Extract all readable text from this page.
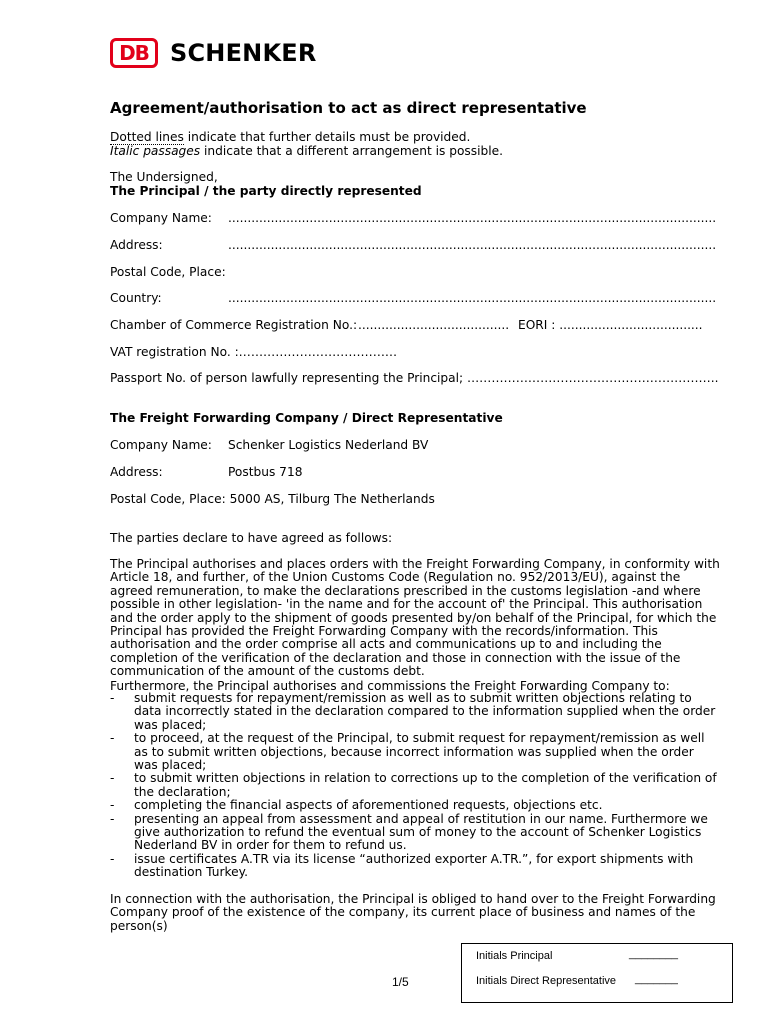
DB SCHENKER
Agreement/authorisation to act as direct representative
Dotted lines indicate that further details must be provided.
Italic passages indicate that a different arrangement is possible.
The Undersigned,
The Principal / the party directly represented
Company Name: ..............................................................................................................................
Address:	..............................................................................................................................
Postal Code, Place:
Country:	..............................................................................................................................
Chamber of Commerce Registration No.: ....................................... EORI : .....................................
VAT registration No. :…………………………………
Passport No. of person lawfully representing the Principal; ……………………………………………………..
The Freight Forwarding Company / Direct Representative
Company Name: Schenker Logistics Nederland BV
Address:	Postbus 718
Postal Code, Place: 5000 AS, Tilburg The Netherlands
The parties declare to have agreed as follows:
The Principal authorises and places orders with the Freight Forwarding Company, in conformity with Article 18, and further, of the Union Customs Code (Regulation no. 952/2013/EU), against the agreed remuneration, to make the declarations prescribed in the customs legislation -and where possible in other legislation- 'in the name and for the account of' the Principal. This authorisation and the order apply to the shipment of goods presented by/on behalf of the Principal, for which the Principal has provided the Freight Forwarding Company with the records/information. This authorisation and the order comprise all acts and communications up to and including the completion of the verification of the declaration and those in connection with the issue of the communication of the amount of the customs debt.
Furthermore, the Principal authorises and commissions the Freight Forwarding Company to:
- submit requests for repayment/remission as well as to submit written objections relating to data incorrectly stated in the declaration compared to the information supplied when the order was placed;
- to proceed, at the request of the Principal, to submit request for repayment/remission as well as to submit written objections, because incorrect information was supplied when the order was placed;
- to submit written objections in relation to corrections up to the completion of the verification of the declaration;
- completing the financial aspects of aforementioned requests, objections etc.
- presenting an appeal from assessment and appeal of restitution in our name. Furthermore we give authorization to refund the eventual sum of money to the account of Schenker Logistics Nederland BV in order for them to refund us.
- issue certificates A.TR via its license “authorized exporter A.TR.”, for export shipments with destination Turkey.
In connection with the authorisation, the Principal is obliged to hand over to the Freight Forwarding Company proof of the existence of the company, its current place of business and names of the person(s)
1/5
Initials Principal	________
Initials Direct Representative _______
